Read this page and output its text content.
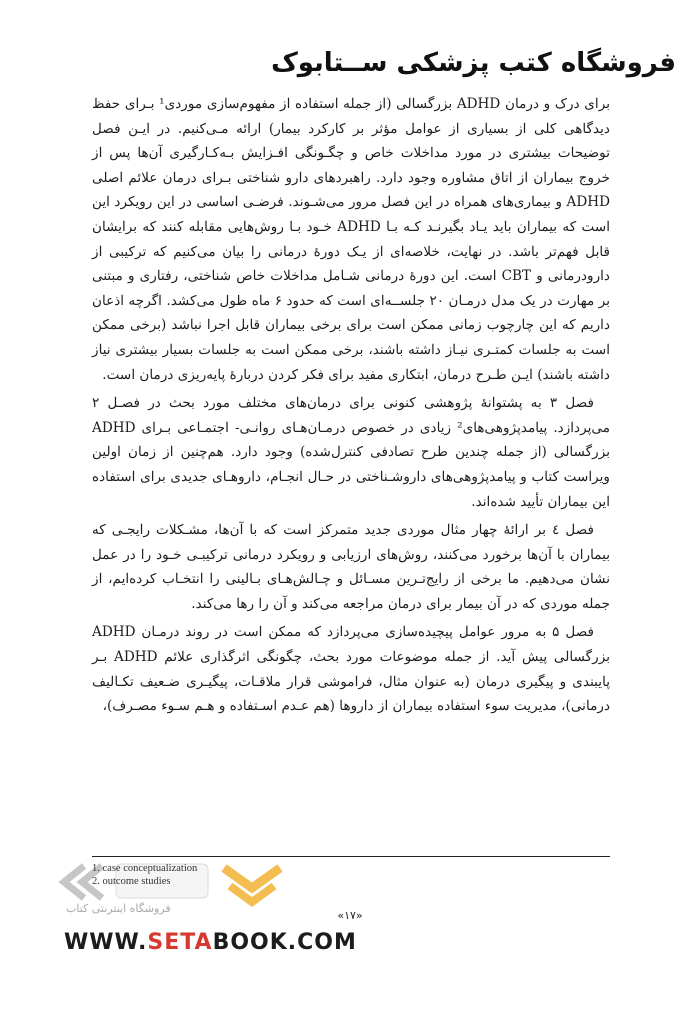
فروشگاه کتب پزشکی ســتابوک

برای درک و درمان ADHD بزرگسالی (از جمله استفاده از مفهوم‌سازی موردی¹ بـرای حفظ دیدگاهی کلی از بسیاری از عوامل مؤثر بر کارکرد بیمار) ارائه مـی‌کنیم. در ایـن فصل توضیحات بیشتری در مورد مداخلات خاص و چگـونگی افـزایش بـه‌کـارگیری آن‌ها پس از خروج بیماران از اتاق مشاوره وجود دارد. راهبردهای دارو شناختی بـرای درمان علائم اصلی ADHD و بیماری‌های همراه در این فصل مرور می‌شـوند. فرضـی اساسی در این رویکرد این است که بیماران باید یـاد بگیرنـد کـه بـا ADHD خـود بـا روش‌هایی مقابله کنند که برایشان قابل فهم‌تر باشد. در نهایت، خلاصه‌ای از یـک دورهٔ درمانی را بیان می‌کنیم که ترکیبی از دارودرمانی و CBT است. این دورهٔ درمانی شـامل مداخلات خاص شناختی، رفتاری و مبتنی بر مهارت در یک مدل درمـان ۲۰ جلســه‌ای است که حدود ۶ ماه طول می‌کشد. اگرچه اذعان داریم که این چارچوب زمانی ممکن است برای برخی بیماران قابل اجرا نباشد (برخی ممکن است به جلسات کمتـری نیـاز داشته باشند، برخی ممکن است به جلسات بسیار بیشتری نیاز داشته باشند) ایـن طـرح درمان، ابتکاری مفید برای فکر کردن دربارهٔ پایه‌ریزی درمان است.

فصل ۳ به پشتوانهٔ پژوهشی کنونی برای درمان‌های مختلف مورد بحث در فصـل ۲ می‌پردازد. پیامدپژوهی‌های² زیادی در خصوص درمـان‌هـای روانـی- اجتمـاعی بـرای ADHD بزرگسالی (از جمله چندین طرح تصادفی کنترل‌شده) وجود دارد. هم‌چنین از زمان اولین ویراست کتاب و پیامدپژوهی‌های داروشـناختی در حـال انجـام، داروهـای جدیدی برای استفاده این بیماران تأیید شده‌اند.

فصل ٤ بر ارائهٔ چهار مثال موردی جدید متمرکز است که با آن‌ها، مشـکلات رایجـی که بیماران با آن‌ها برخورد می‌کنند، روش‌های ارزیابی و رویکرد درمانی ترکیبـی خـود را در عمل نشان می‌دهیم. ما برخی از رایج‌تـرین مسـائل و چـالش‌هـای بـالینی را انتخـاب کرده‌ایم، از جمله موردی که در آن بیمار برای درمان مراجعه می‌کند و آن را رها می‌کند.

فصل ۵ به مرور عوامل پیچیده‌سازی می‌پردازد که ممکن است در روند درمـان ADHD بزرگسالی پیش آید. از جمله موضوعات مورد بحث، چگونگی اثرگذاری علائم ADHD بـر پایبندی و پیگیری درمان (به عنوان مثال، فراموشی قرار ملاقـات، پیگیـری ضـعیف تکـالیف درمانی)، مدیریت سوء استفاده بیماران از داروها (هم عـدم اسـتفاده و هـم سـوء مصـرف)،

فروشگاه اینترنتی کتاب
1. case conceptualization
2. outcome studies
«۱۷»
WWW.SETABOOK.COM
